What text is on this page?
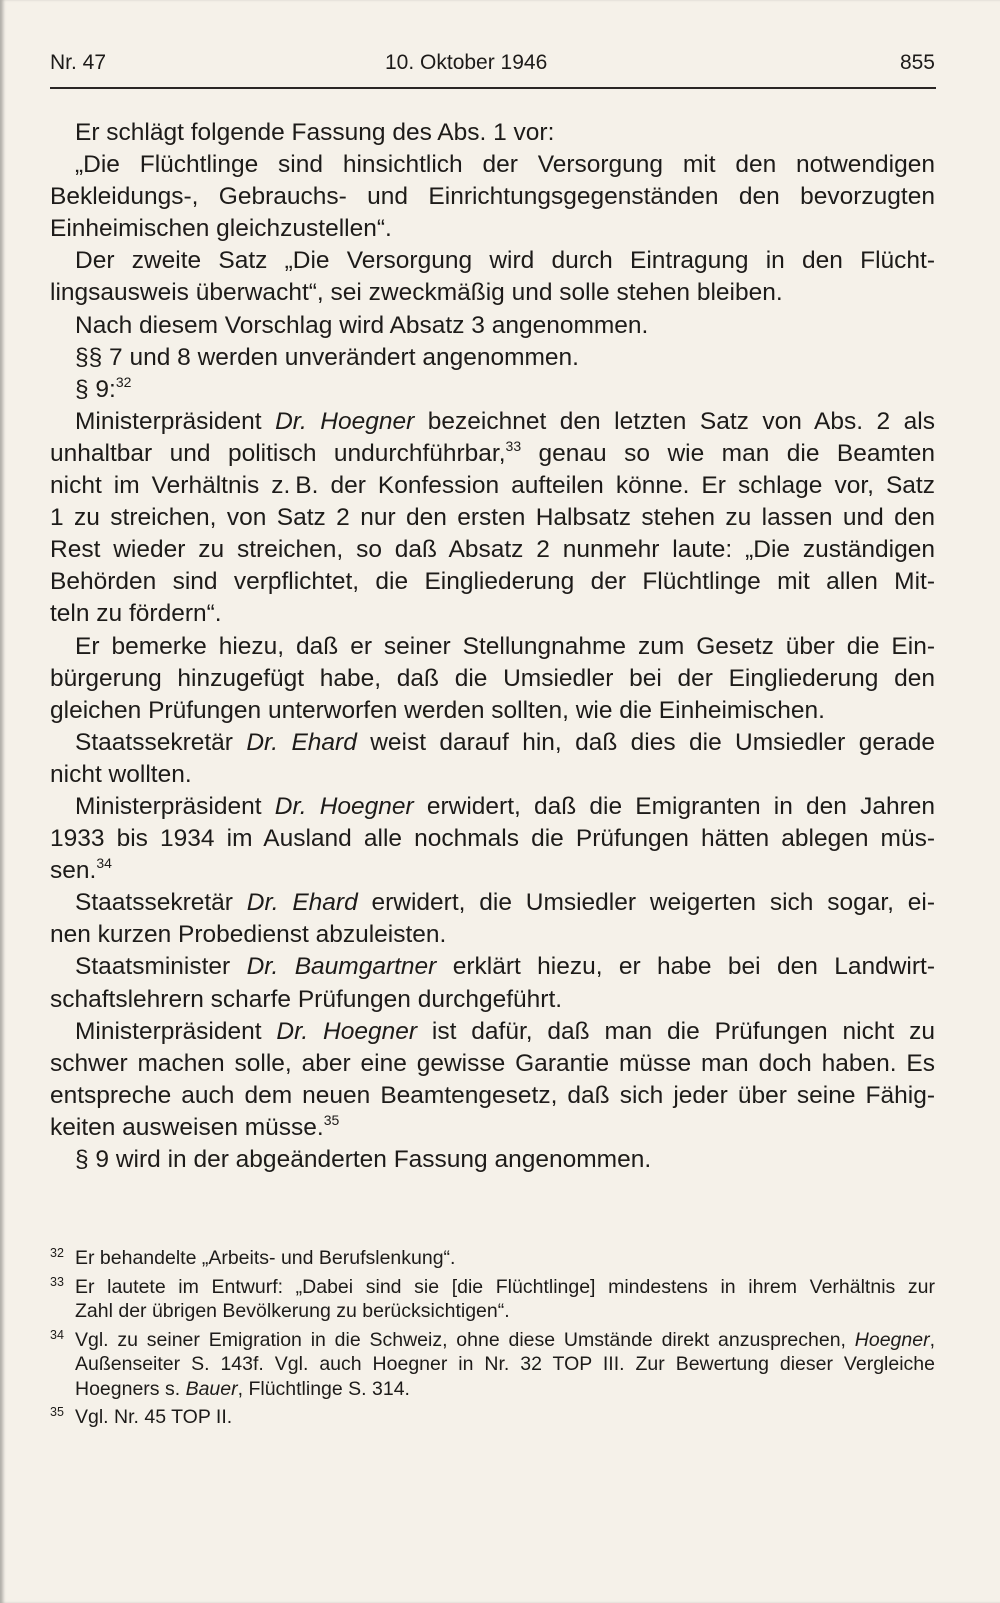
Nr. 47	10. Oktober 1946	855
Er schlägt folgende Fassung des Abs. 1 vor:
„Die Flüchtlinge sind hinsichtlich der Versorgung mit den notwendigen
Bekleidungs-, Gebrauchs- und Einrichtungsgegenständen den bevorzugten
Einheimischen gleichzustellen“.
Der zweite Satz „Die Versorgung wird durch Eintragung in den Flücht-
lingsausweis überwacht“, sei zweckmäßig und solle stehen bleiben.
Nach diesem Vorschlag wird Absatz 3 angenommen.
§§ 7 und 8 werden unverändert angenommen.
§ 9:$^{32}$
Ministerpräsident Dr. Hoegner bezeichnet den letzten Satz von Abs. 2 als
unhaltbar und politisch undurchführbar,$^{33}$ genau so wie man die Beamten
nicht im Verhältnis z. B. der Konfession aufteilen könne. Er schlage vor, Satz
1 zu streichen, von Satz 2 nur den ersten Halbsatz stehen zu lassen und den
Rest wieder zu streichen, so daß Absatz 2 nunmehr laute: „Die zuständigen
Behörden sind verpflichtet, die Eingliederung der Flüchtlinge mit allen Mit-
teln zu fördern“.
Er bemerke hiezu, daß er seiner Stellungnahme zum Gesetz über die Ein-
bürgerung hinzugefügt habe, daß die Umsiedler bei der Eingliederung den
gleichen Prüfungen unterworfen werden sollten, wie die Einheimischen.
Staatssekretär Dr. Ehard weist darauf hin, daß dies die Umsiedler gerade
nicht wollten.
Ministerpräsident Dr. Hoegner erwidert, daß die Emigranten in den Jahren
1933 bis 1934 im Ausland alle nochmals die Prüfungen hätten ablegen müs-
sen.$^{34}$
Staatssekretär Dr. Ehard erwidert, die Umsiedler weigerten sich sogar, ei-
nen kurzen Probedienst abzuleisten.
Staatsminister Dr. Baumgartner erklärt hiezu, er habe bei den Landwirt-
schaftslehrern scharfe Prüfungen durchgeführt.
Ministerpräsident Dr. Hoegner ist dafür, daß man die Prüfungen nicht zu
schwer machen solle, aber eine gewisse Garantie müsse man doch haben. Es
entspreche auch dem neuen Beamtengesetz, daß sich jeder über seine Fähig-
keiten ausweisen müsse.$^{35}$
§ 9 wird in der abgeänderten Fassung angenommen.
32 Er behandelte „Arbeits- und Berufslenkung“.
33 Er lautete im Entwurf: „Dabei sind sie [die Flüchtlinge] mindestens in ihrem Verhältnis zur
Zahl der übrigen Bevölkerung zu berücksichtigen“.
34 Vgl. zu seiner Emigration in die Schweiz, ohne diese Umstände direkt anzusprechen, Hoegner,
Außenseiter S. 143f. Vgl. auch Hoegner in Nr. 32 TOP III. Zur Bewertung dieser Vergleiche
Hoegners s. Bauer, Flüchtlinge S. 314.
35 Vgl. Nr. 45 TOP II.
